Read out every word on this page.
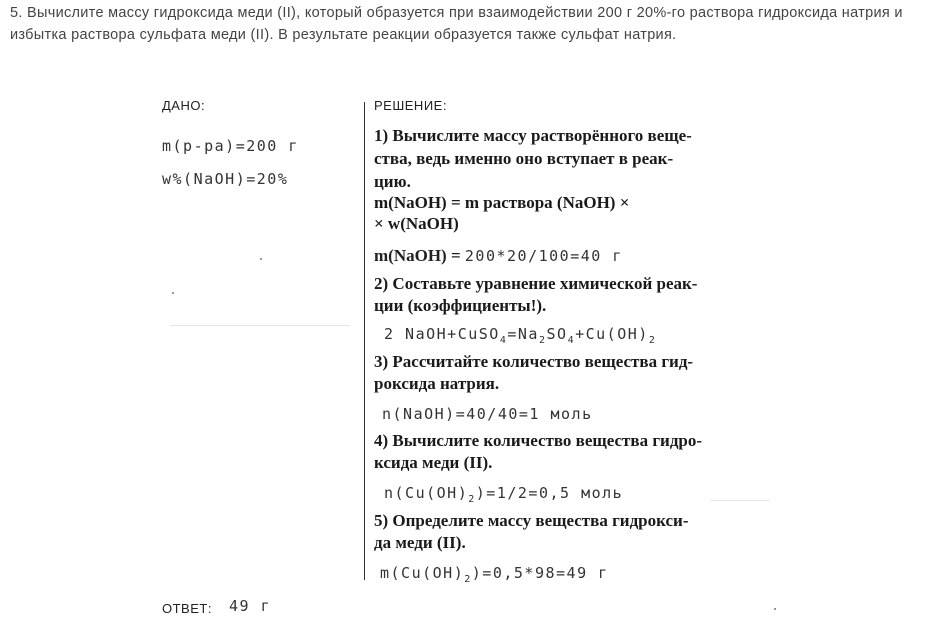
5. Вычислите массу гидроксида меди (II), который образуется при взаимодействии 200 г 20%-го раствора гидроксида натрия и избытка раствора сульфата меди (II). В результате реакции образуется также сульфат натрия.
ДАНО:
m(p-pa)=200 г
w%(NaOH)=20%
РЕШЕНИЕ:
1) Вычислите массу растворённого веще-
ства, ведь именно оно вступает в реак-
цию.
m(NaOH) = m раствора (NaOH) ×
× w(NaOH)
m(NaOH) = 200*20/100=40 г
2) Составьте уравнение химической реак-
ции (коэффициенты!).
2 $NaOH+CuSO_4=Na_2SO_4+Cu(OH)_2$
3) Рассчитайте количество вещества гид-
роксида натрия.
n(NaOH)=40/40=1 моль
4) Вычислите количество вещества гидро-
ксида меди (II).
$n(Cu(OH)_2)=1/2=0,5$ моль
5) Определите массу вещества гидрокси-
да меди (II).
$m(Cu(OH)_2)=0,5*98=49$ г
ОТВЕТ: 49 г
